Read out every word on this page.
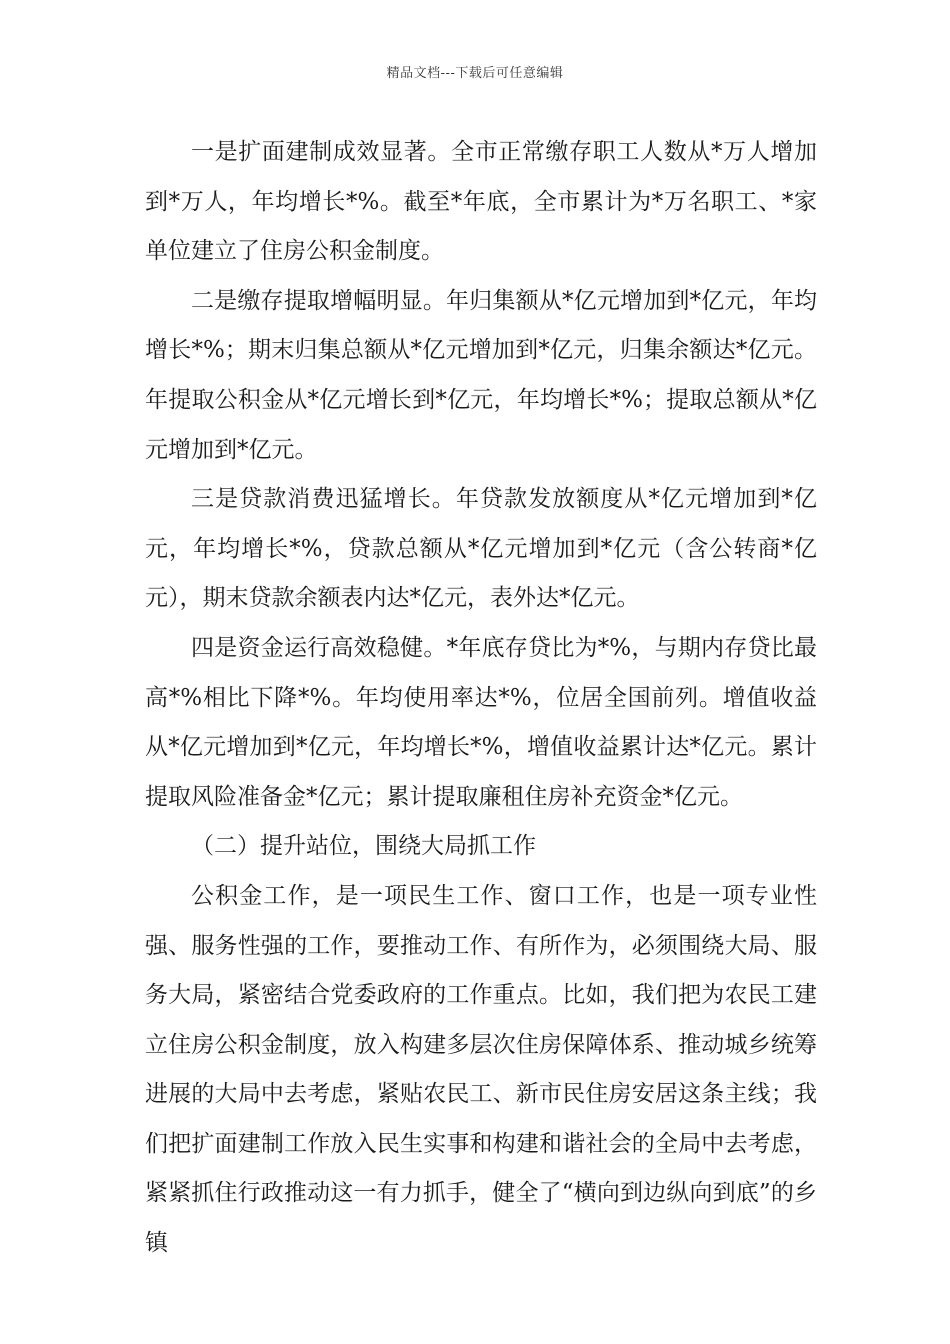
精品文档---下载后可任意编辑

一是扩面建制成效显著。全市正常缴存职工人数从*万人增加到*万人，年均增长*%。截至*年底，全市累计为*万名职工、*家单位建立了住房公积金制度。

二是缴存提取增幅明显。年归集额从*亿元增加到*亿元，年均增长*%；期末归集总额从*亿元增加到*亿元，归集余额达*亿元。年提取公积金从*亿元增长到*亿元，年均增长*%；提取总额从*亿元增加到*亿元。

三是贷款消费迅猛增长。年贷款发放额度从*亿元增加到*亿元，年均增长*%，贷款总额从*亿元增加到*亿元（含公转商*亿元），期末贷款余额表内达*亿元，表外达*亿元。

四是资金运行高效稳健。*年底存贷比为*%，与期内存贷比最高*%相比下降*%。年均使用率达*%，位居全国前列。增值收益从*亿元增加到*亿元，年均增长*%，增值收益累计达*亿元。累计提取风险准备金*亿元；累计提取廉租住房补充资金*亿元。

（二）提升站位，围绕大局抓工作

公积金工作，是一项民生工作、窗口工作，也是一项专业性强、服务性强的工作，要推动工作、有所作为，必须围绕大局、服务大局，紧密结合党委政府的工作重点。比如，我们把为农民工建立住房公积金制度，放入构建多层次住房保障体系、推动城乡统筹进展的大局中去考虑，紧贴农民工、新市民住房安居这条主线；我们把扩面建制工作放入民生实事和构建和谐社会的全局中去考虑，紧紧抓住行政推动这一有力抓手，健全了“横向到边纵向到底”的乡镇
